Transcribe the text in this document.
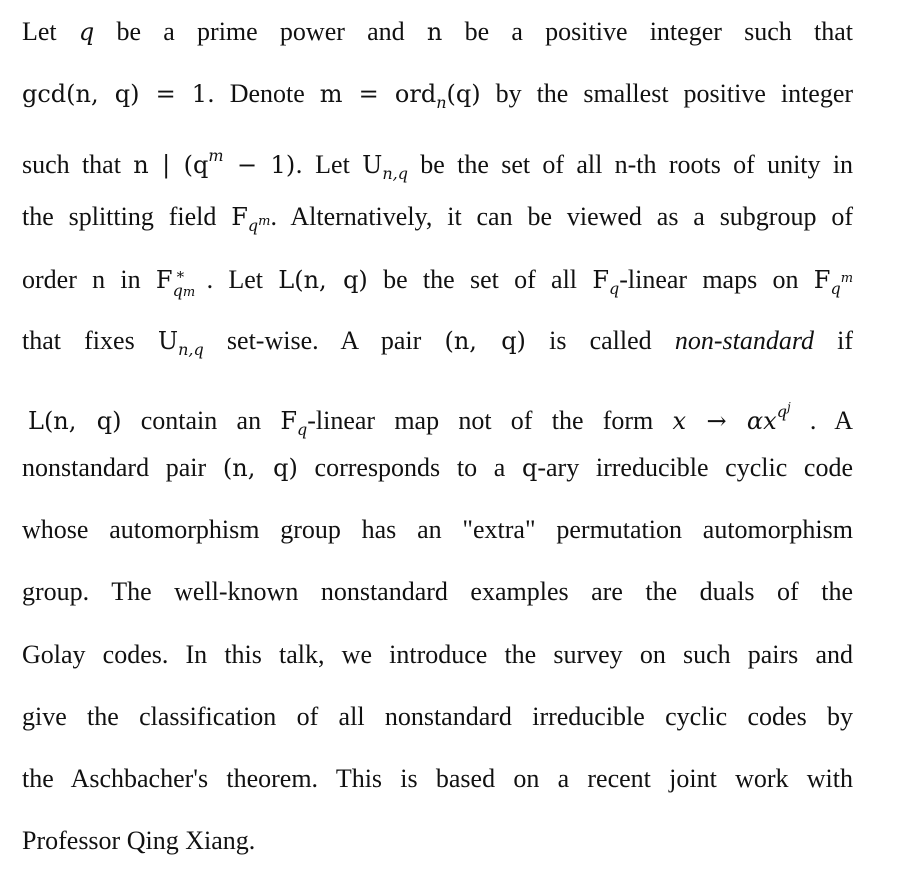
Let q be a prime power and n be a positive integer such that
gcd(n, q) = 1. Denote m = ord$_n$(q) by the smallest positive integer
such that n | $(q^m - 1)$. Let $U_{n,q}$ be the set of all n-th roots of unity in
the splitting field $F_qm$. Alternatively, it can be viewed as a subgroup of
order n in F *
qm . Let L(n, q) be the set of all $F_q$-linear maps on $F_q^m$
that fixes $U_{n,q}$ set-wise. A pair (n, q) is called non-standard if
L(n, q) contain an $F_q$-linear map not of the form $x \to \alpha x^{q^j}$ . A
nonstandard pair (n, q) corresponds to a q-ary irreducible cyclic code
whose automorphism group has an "extra" permutation automorphism
group. The well-known nonstandard examples are the duals of the
Golay codes. In this talk, we introduce the survey on such pairs and
give the classification of all nonstandard irreducible cyclic codes by
the Aschbacher's theorem. This is based on a recent joint work with
Professor Qing Xiang.
